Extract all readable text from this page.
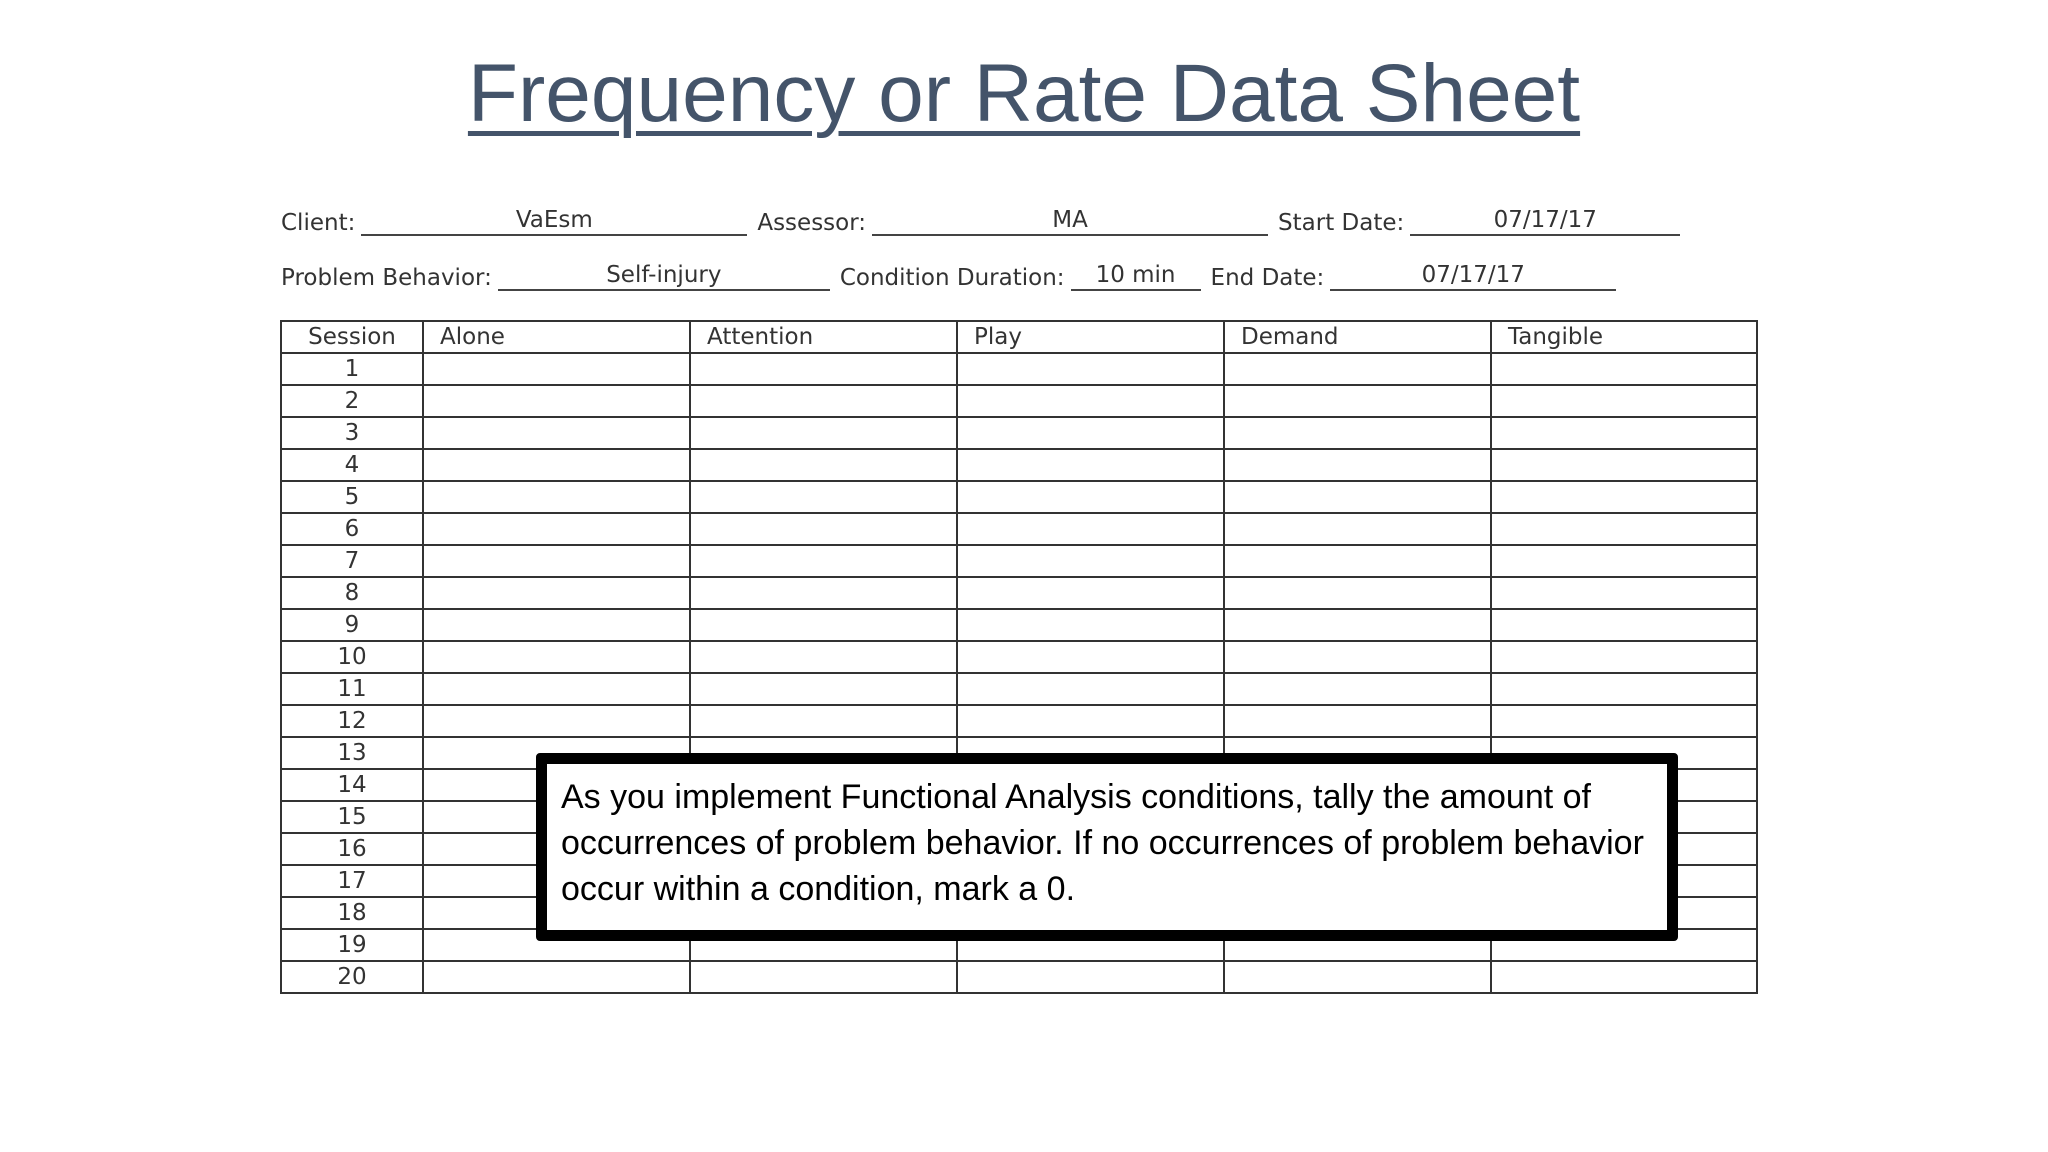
Frequency or Rate Data Sheet
Client:	VaEsm	Assessor:	MA	Start Date:	07/17/17
Problem Behavior:	Self-injury	Condition Duration:	10 min	End Date:	07/17/17
Session	Alone	Attention	Play	Demand	Tangible
1					
2					
3					
4					
5					
6					
7					
8					
9					
10					
11					
12					
13					
14					
15					
16					
17					
18					
19					
20					
As you implement Functional Analysis conditions, tally the amount of occurrences of problem behavior. If no occurrences of problem behavior occur within a condition, mark a 0.
